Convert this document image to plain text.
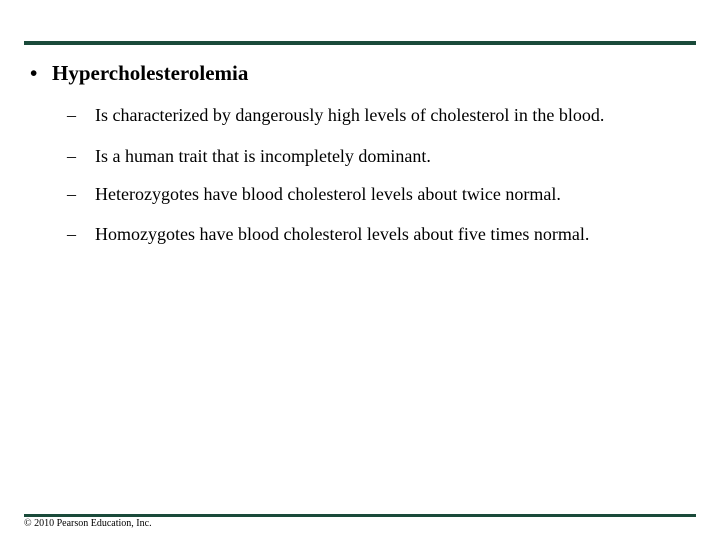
• Hypercholesterolemia
– Is characterized by dangerously high levels of cholesterol in the blood.
– Is a human trait that is incompletely dominant.
– Heterozygotes have blood cholesterol levels about twice normal.
– Homozygotes have blood cholesterol levels about five times normal.
© 2010 Pearson Education, Inc.
